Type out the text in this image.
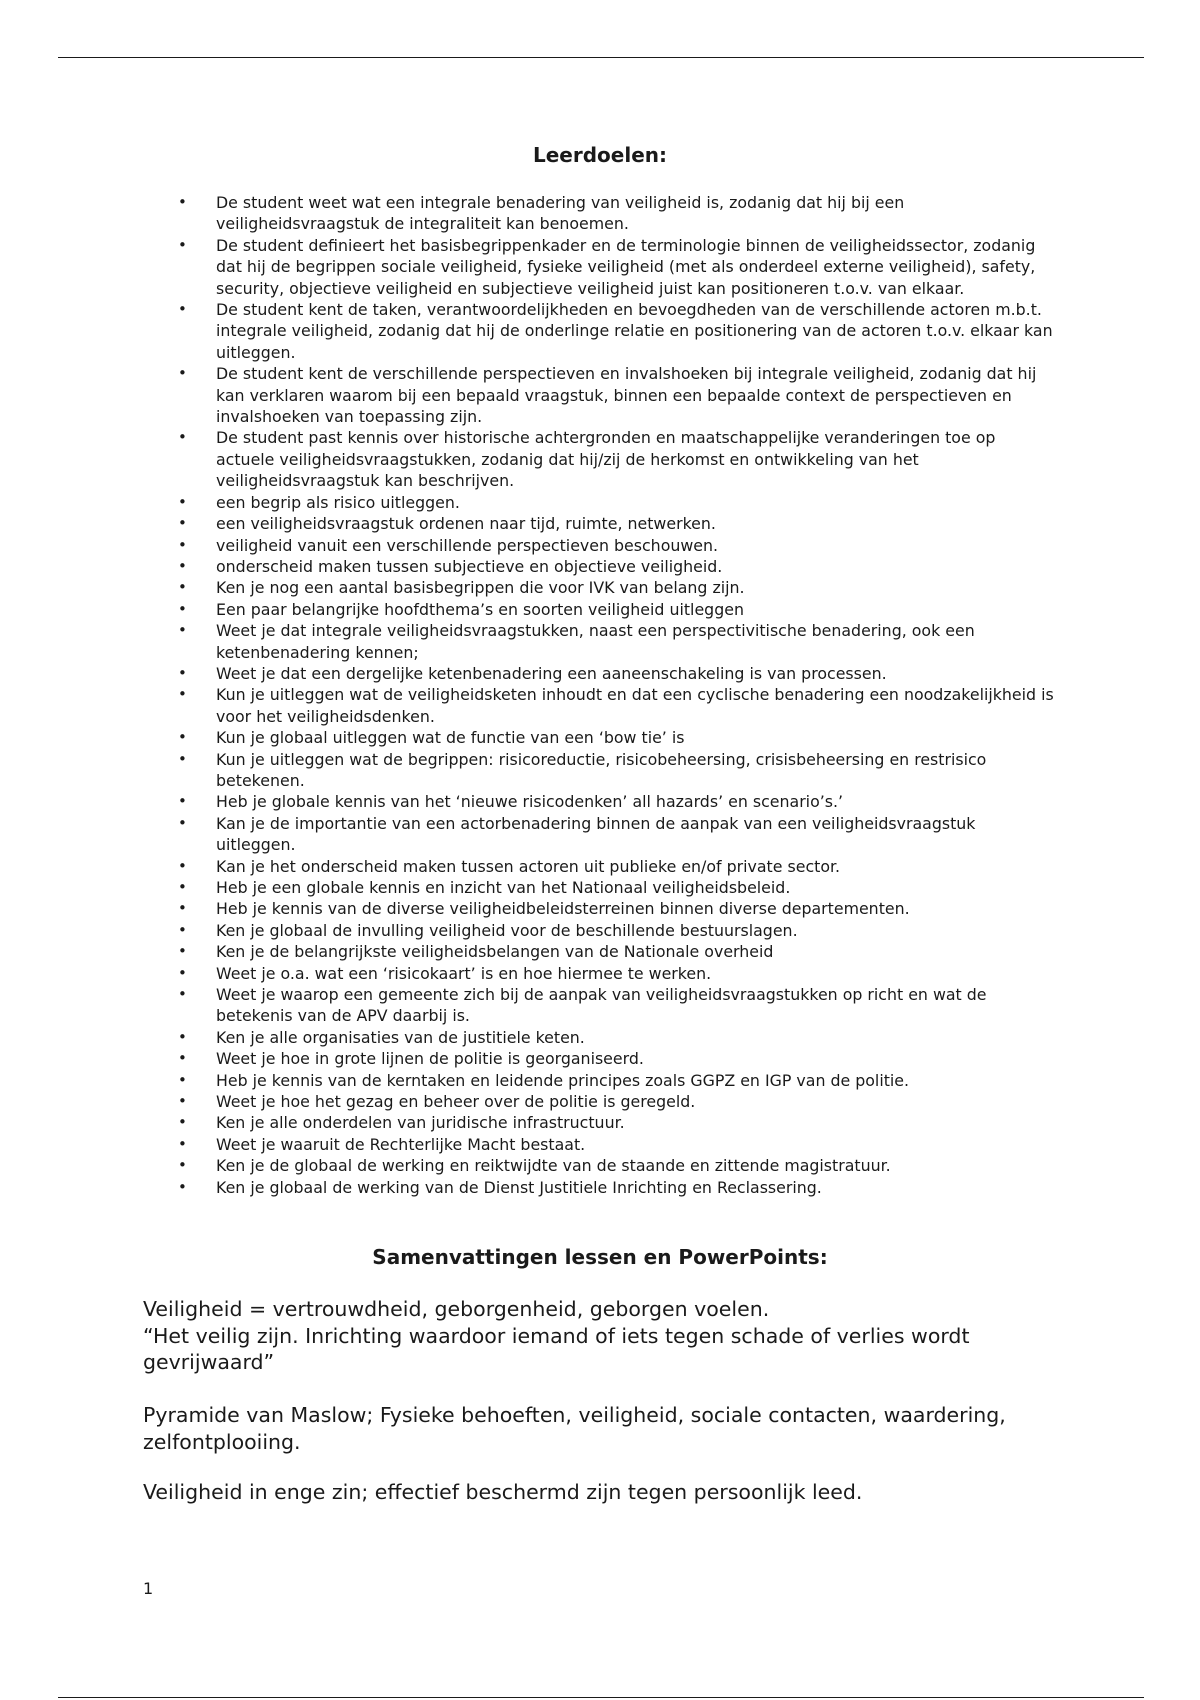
Leerdoelen:
• De student weet wat een integrale benadering van veiligheid is, zodanig dat hij bij een veiligheidsvraagstuk de integraliteit kan benoemen.
• De student definieert het basisbegrippenkader en de terminologie binnen de veiligheidssector, zodanig dat hij de begrippen sociale veiligheid, fysieke veiligheid (met als onderdeel externe veiligheid), safety, security, objectieve veiligheid en subjectieve veiligheid juist kan positioneren t.o.v. van elkaar.
• De student kent de taken, verantwoordelijkheden en bevoegdheden van de verschillende actoren m.b.t. integrale veiligheid, zodanig dat hij de onderlinge relatie en positionering van de actoren t.o.v. elkaar kan uitleggen.
• De student kent de verschillende perspectieven en invalshoeken bij integrale veiligheid, zodanig dat hij kan verklaren waarom bij een bepaald vraagstuk, binnen een bepaalde context de perspectieven en invalshoeken van toepassing zijn.
• De student past kennis over historische achtergronden en maatschappelijke veranderingen toe op actuele veiligheidsvraagstukken, zodanig dat hij/zij de herkomst en ontwikkeling van het veiligheidsvraagstuk kan beschrijven.
• een begrip als risico uitleggen.
• een veiligheidsvraagstuk ordenen naar tijd, ruimte, netwerken.
• veiligheid vanuit een verschillende perspectieven beschouwen.
• onderscheid maken tussen subjectieve en objectieve veiligheid.
• Ken je nog een aantal basisbegrippen die voor IVK van belang zijn.
• Een paar belangrijke hoofdthema’s en soorten veiligheid uitleggen
• Weet je dat integrale veiligheidsvraagstukken, naast een perspectivitische benadering, ook een ketenbenadering kennen;
• Weet je dat een dergelijke ketenbenadering een aaneenschakeling is van processen.
• Kun je uitleggen wat de veiligheidsketen inhoudt en dat een cyclische benadering een noodzakelijkheid is voor het veiligheidsdenken.
• Kun je globaal uitleggen wat de functie van een ‘bow tie’ is
• Kun je uitleggen wat de begrippen: risicoreductie, risicobeheersing, crisisbeheersing en restrisico betekenen.
• Heb je globale kennis van het ‘nieuwe risicodenken’ all hazards’ en scenario’s.’
• Kan je de importantie van een actorbenadering binnen de aanpak van een veiligheidsvraagstuk uitleggen.
• Kan je het onderscheid maken tussen actoren uit publieke en/of private sector.
• Heb je een globale kennis en inzicht van het Nationaal veiligheidsbeleid.
• Heb je kennis van de diverse veiligheidbeleidsterreinen binnen diverse departementen.
• Ken je globaal de invulling veiligheid voor de beschillende bestuurslagen.
• Ken je de belangrijkste veiligheidsbelangen van de Nationale overheid
• Weet je o.a. wat een ‘risicokaart’ is en hoe hiermee te werken.
• Weet je waarop een gemeente zich bij de aanpak van veiligheidsvraagstukken op richt en wat de betekenis van de APV daarbij is.
• Ken je alle organisaties van de justitiele keten.
• Weet je hoe in grote lijnen de politie is georganiseerd.
• Heb je kennis van de kerntaken en leidende principes zoals GGPZ en IGP van de politie.
• Weet je hoe het gezag en beheer over de politie is geregeld.
• Ken je alle onderdelen van juridische infrastructuur.
• Weet je waaruit de Rechterlijke Macht bestaat.
• Ken je de globaal de werking en reiktwijdte van de staande en zittende magistratuur.
• Ken je globaal de werking van de Dienst Justitiele Inrichting en Reclassering.
Samenvattingen lessen en PowerPoints:
Veiligheid = vertrouwdheid, geborgenheid, geborgen voelen.
“Het veilig zijn. Inrichting waardoor iemand of iets tegen schade of verlies wordt gevrijwaard”
Pyramide van Maslow; Fysieke behoeften, veiligheid, sociale contacten, waardering, zelfontplooiing.
Veiligheid in enge zin; effectief beschermd zijn tegen persoonlijk leed.
1
